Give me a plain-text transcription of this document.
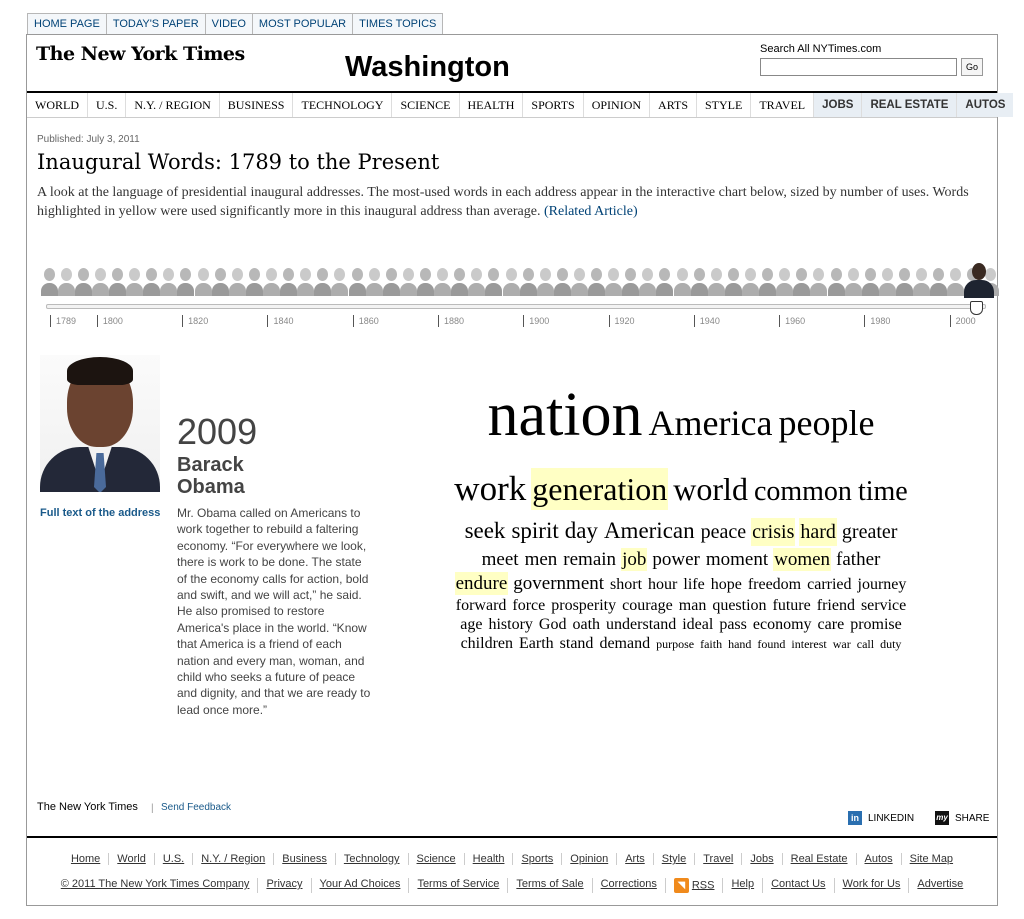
HOME PAGE	TODAY'S PAPER	VIDEO	MOST POPULAR	TIMES TOPICS
The New York Times	Washington
Search All NYTimes.com
Go
WORLD	U.S.	N.Y. / REGION	BUSINESS	TECHNOLOGY	SCIENCE	HEALTH	SPORTS	OPINION	ARTS	STYLE	TRAVEL	JOBS	REAL ESTATE	AUTOS
Published: July 3, 2011
Inaugural Words: 1789 to the Present
A look at the language of presidential inaugural addresses. The most-used words in each address appear in the interactive chart below, sized by number of uses. Words highlighted in yellow were used significantly more in this inaugural address than average. (Related Article)
1789	1800	1820	1840	1860	1880	1900	1920	1940	1960	1980	2000
Full text of the address
2009
Barack
Obama
Mr. Obama called on Americans to work together to rebuild a faltering economy. “For everywhere we look, there is work to be done. The state of the economy calls for action, bold and swift, and we will act,” he said. He also promised to restore America's place in the world. “Know that America is a friend of each nation and every man, woman, and child who seeks a future of peace and dignity, and that we are ready to lead once more.”
nation America people
work generation world common time
seek spirit day American peace crisis hard greater
meet men remain job power moment women father
endure government short hour life hope freedom carried journey
forward force prosperity courage man question future friend service
age history God oath understand ideal pass economy care promise
children Earth stand demand purpose faith hand found interest war call duty
The New York Times | Send Feedback
in LINKEDIN	my SHARE
Home	World	U.S.	N.Y. / Region	Business	Technology	Science	Health	Sports	Opinion	Arts	Style	Travel	Jobs	Real Estate	Autos	Site Map
© 2011 The New York Times Company	Privacy	Your Ad Choices	Terms of Service	Terms of Sale	Corrections	◥ RSS	Help	Contact Us	Work for Us	Advertise
